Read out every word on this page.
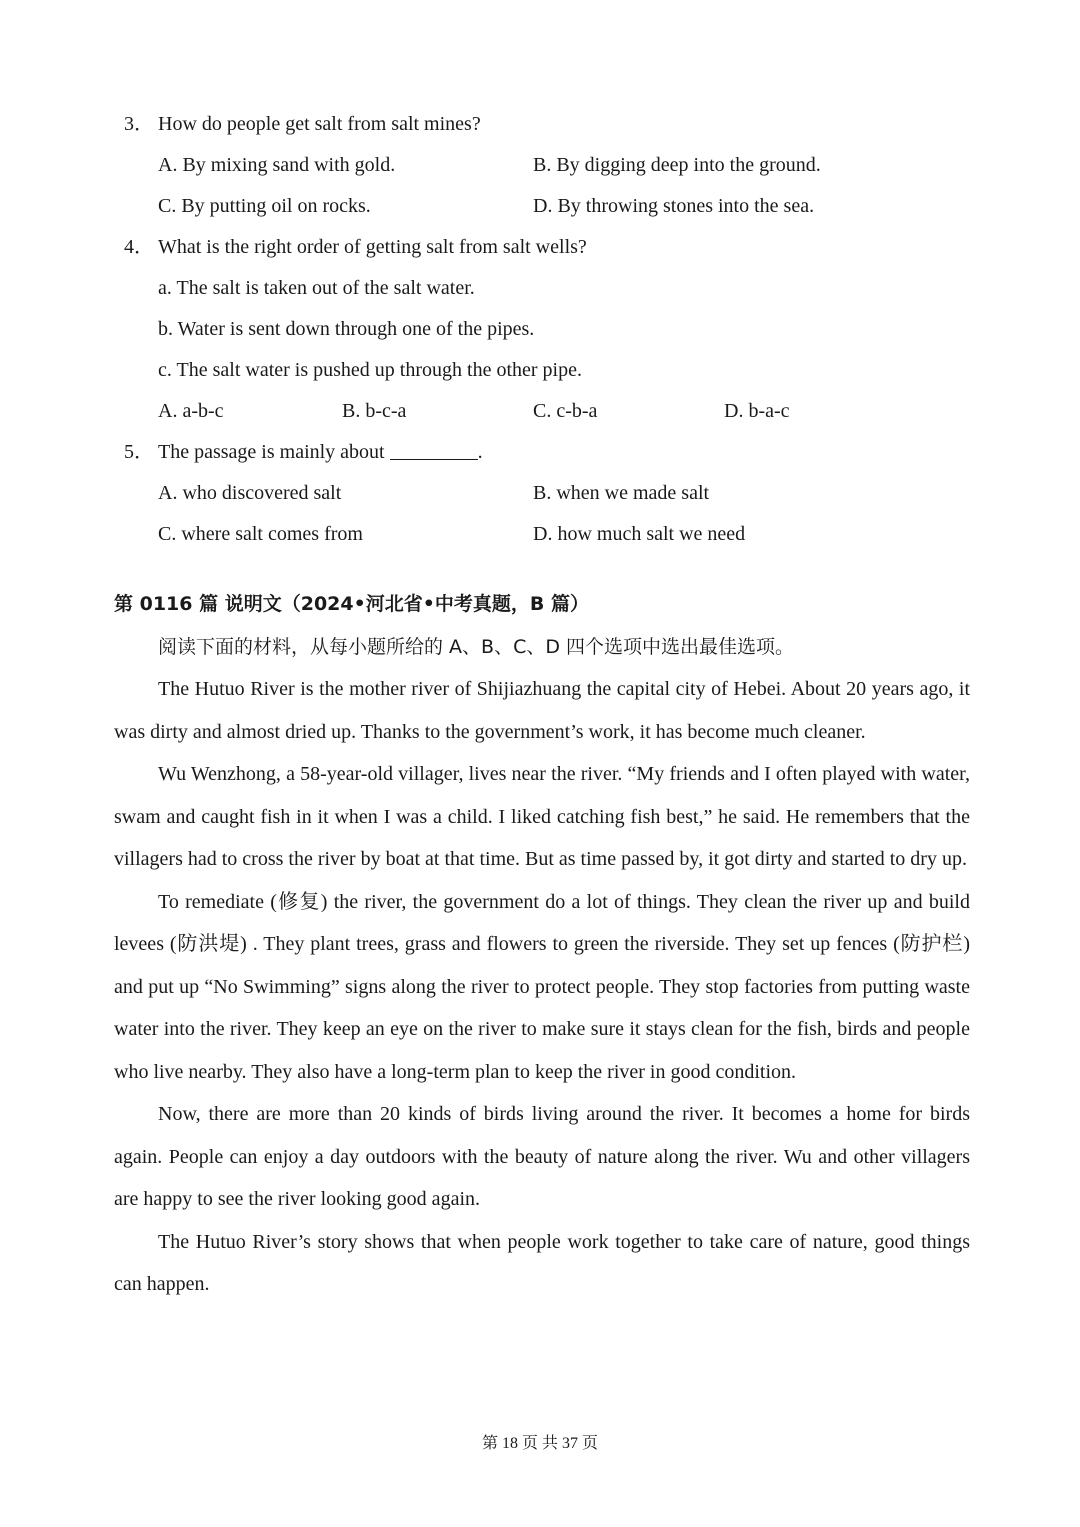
3． How do people get salt from salt mines?
A. By mixing sand with gold.	B. By digging deep into the ground.
C. By putting oil on rocks.	D. By throwing stones into the sea.
4． What is the right order of getting salt from salt wells?
a. The salt is taken out of the salt water.
b. Water is sent down through one of the pipes.
c. The salt water is pushed up through the other pipe.
A. a-b-c	B. b-c-a	C. c-b-a	D. b-a-c
5． The passage is mainly about	.
A. who discovered salt	B. when we made salt
C. where salt comes from	D. how much salt we need
第 0116 篇 说明文（2024•河北省•中考真题，B 篇）
阅读下面的材料，从每小题所给的 A、B、C、D 四个选项中选出最佳选项。

The Hutuo River is the mother river of Shijiazhuang the capital city of Hebei. About 20 years ago, it was dirty and almost dried up. Thanks to the government’s work, it has become much cleaner.

Wu Wenzhong, a 58-year-old villager, lives near the river. “My friends and I often played with water, swam and caught fish in it when I was a child. I liked catching fish best,” he said. He remembers that the villagers had to cross the river by boat at that time. But as time passed by, it got dirty and started to dry up.

To remediate (修复) the river, the government do a lot of things. They clean the river up and build levees (防洪堤) . They plant trees, grass and flowers to green the riverside. They set up fences (防护栏) and put up “No Swimming” signs along the river to protect people. They stop factories from putting waste water into the river. They keep an eye on the river to make sure it stays clean for the fish, birds and people who live nearby. They also have a long-term plan to keep the river in good condition.

Now, there are more than 20 kinds of birds living around the river. It becomes a home for birds again. People can enjoy a day outdoors with the beauty of nature along the river. Wu and other villagers are happy to see the river looking good again.

The Hutuo River’s story shows that when people work together to take care of nature, good things can happen.

第 18 页 共 37 页
